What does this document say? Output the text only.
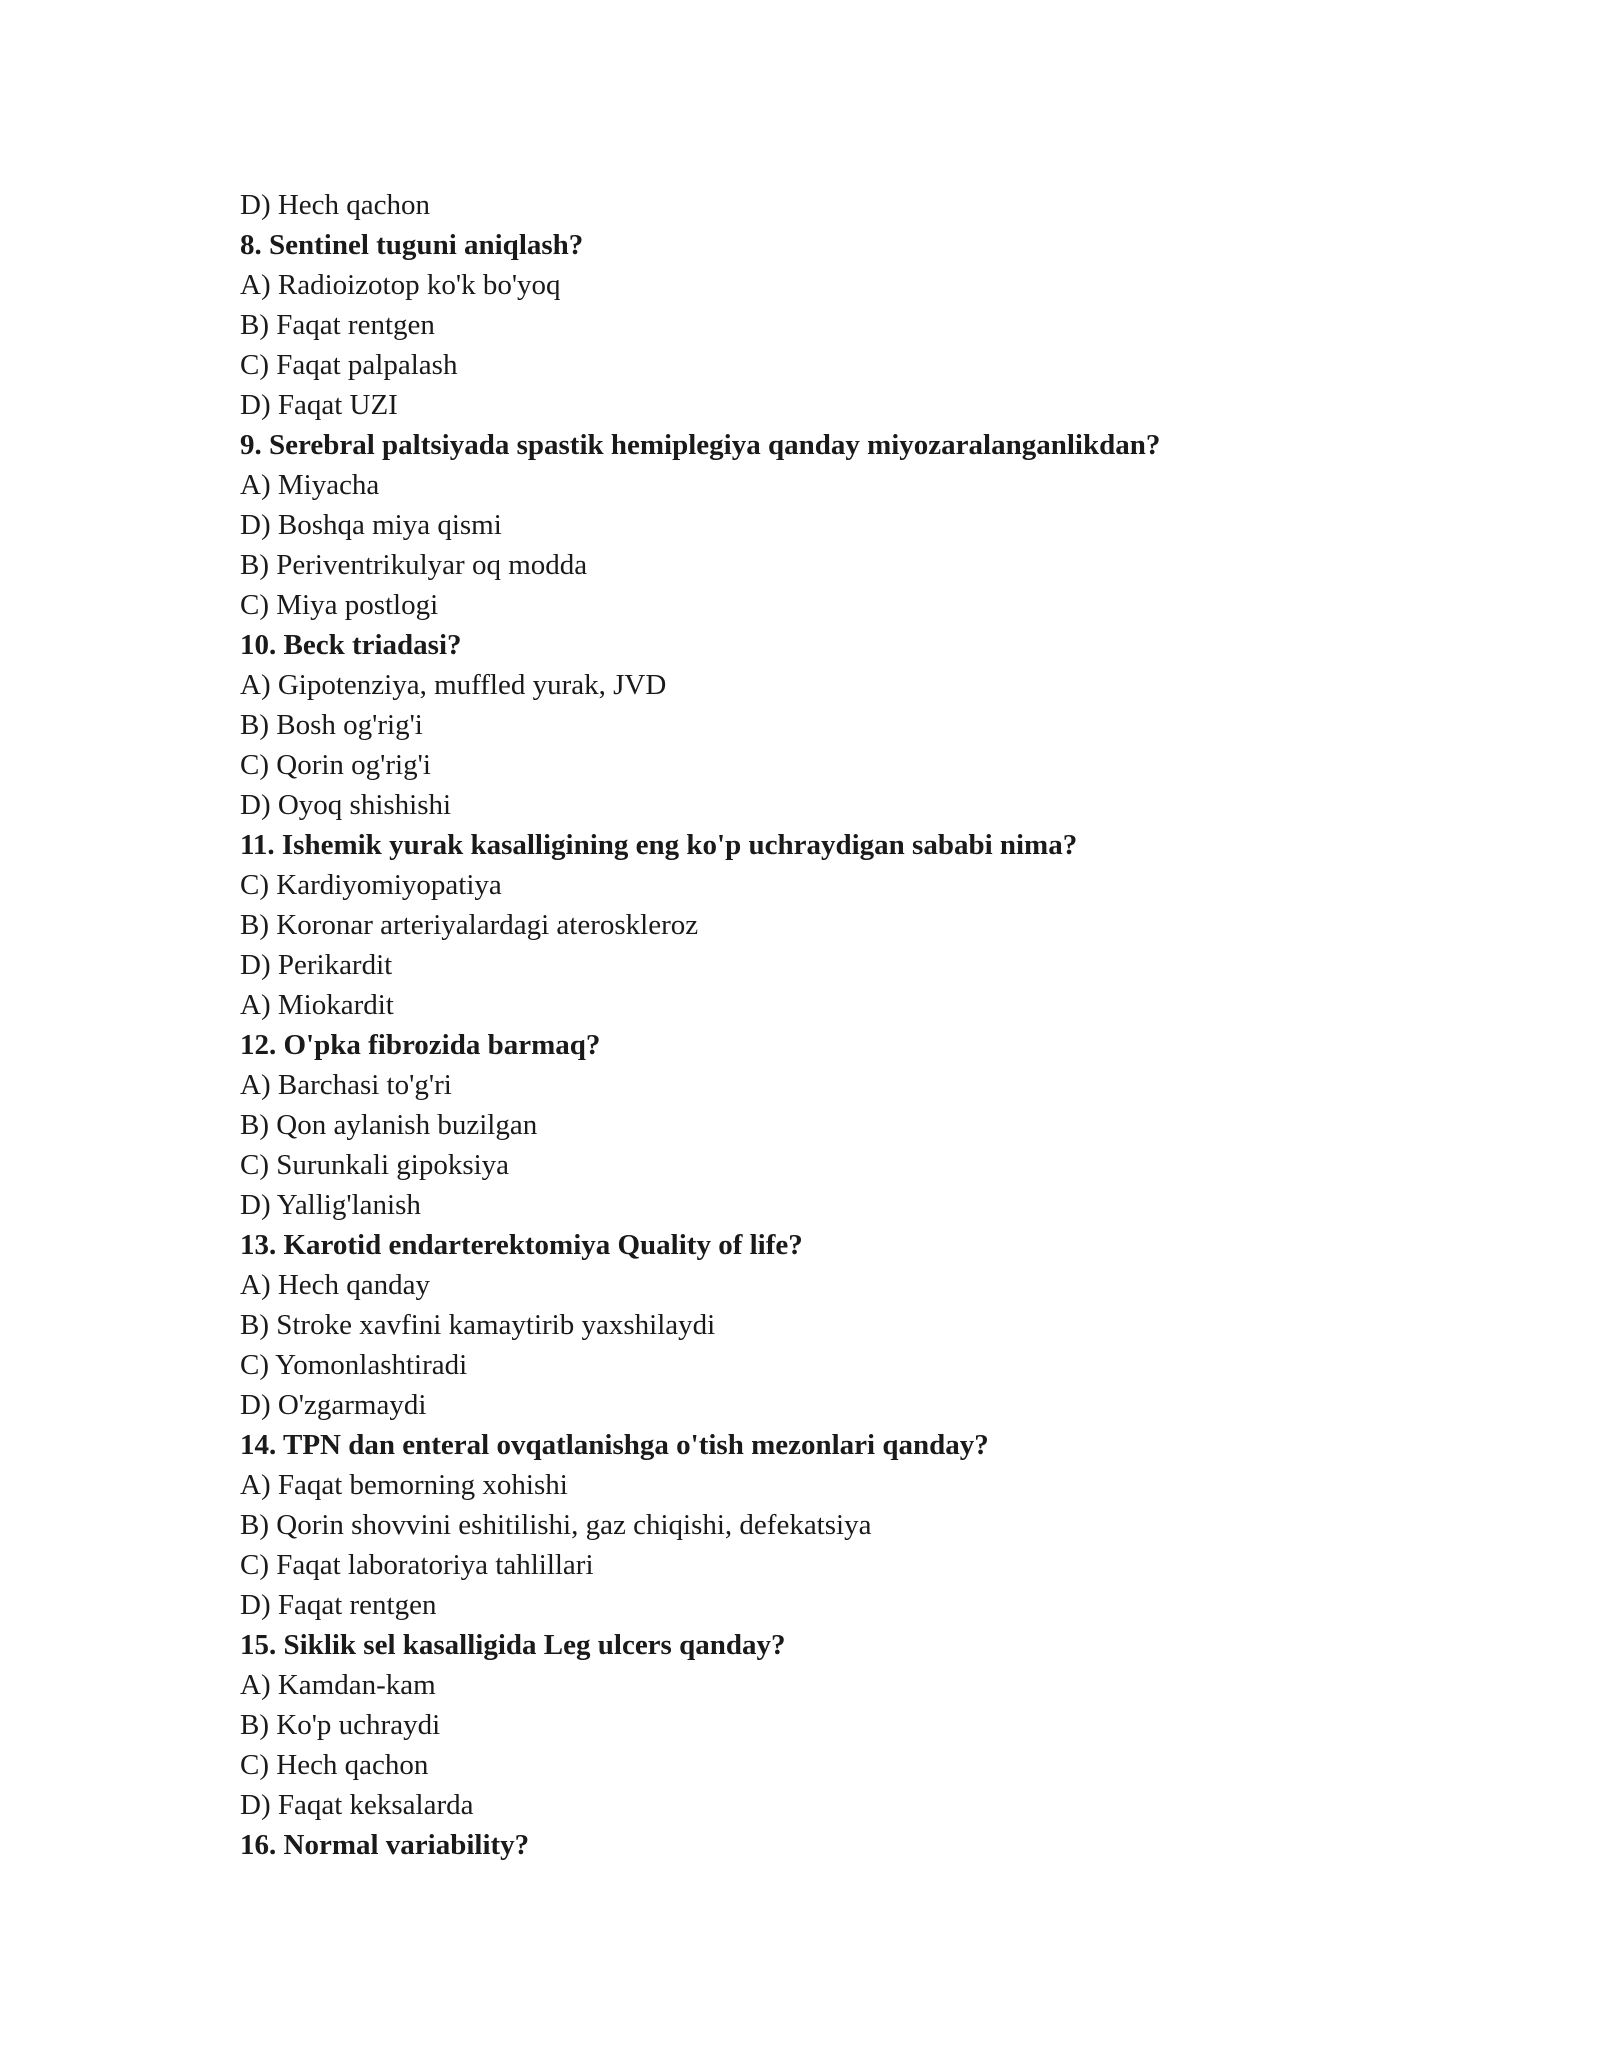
D) Hech qachon
8. Sentinel tuguni aniqlash?
A) Radioizotop ko'k bo'yoq
B) Faqat rentgen
C) Faqat palpalash
D) Faqat UZI
9. Serebral paltsiyada spastik hemiplegiya qanday miyozaralanganlikdan?
A) Miyacha
D) Boshqa miya qismi
B) Periventrikulyar oq modda
C) Miya postlogi
10. Beck triadasi?
A) Gipotenziya, muffled yurak, JVD
B) Bosh og'rig'i
C) Qorin og'rig'i
D) Oyoq shishishi
11. Ishemik yurak kasalligining eng ko'p uchraydigan sababi nima?
C) Kardiyomiyopatiya
B) Koronar arteriyalardagi ateroskleroz
D) Perikardit
A) Miokardit
12. O'pka fibrozida barmaq?
A) Barchasi to'g'ri
B) Qon aylanish buzilgan
C) Surunkali gipoksiya
D) Yallig'lanish
13. Karotid endarterektomiya Quality of life?
A) Hech qanday
B) Stroke xavfini kamaytirib yaxshilaydi
C) Yomonlashtiradi
D) O'zgarmaydi
14. TPN dan enteral ovqatlanishga o'tish mezonlari qanday?
A) Faqat bemorning xohishi
B) Qorin shovvini eshitilishi, gaz chiqishi, defekatsiya
C) Faqat laboratoriya tahlillari
D) Faqat rentgen
15. Siklik sel kasalligida Leg ulcers qanday?
A) Kamdan-kam
B) Ko'p uchraydi
C) Hech qachon
D) Faqat keksalarda
16. Normal variability?
